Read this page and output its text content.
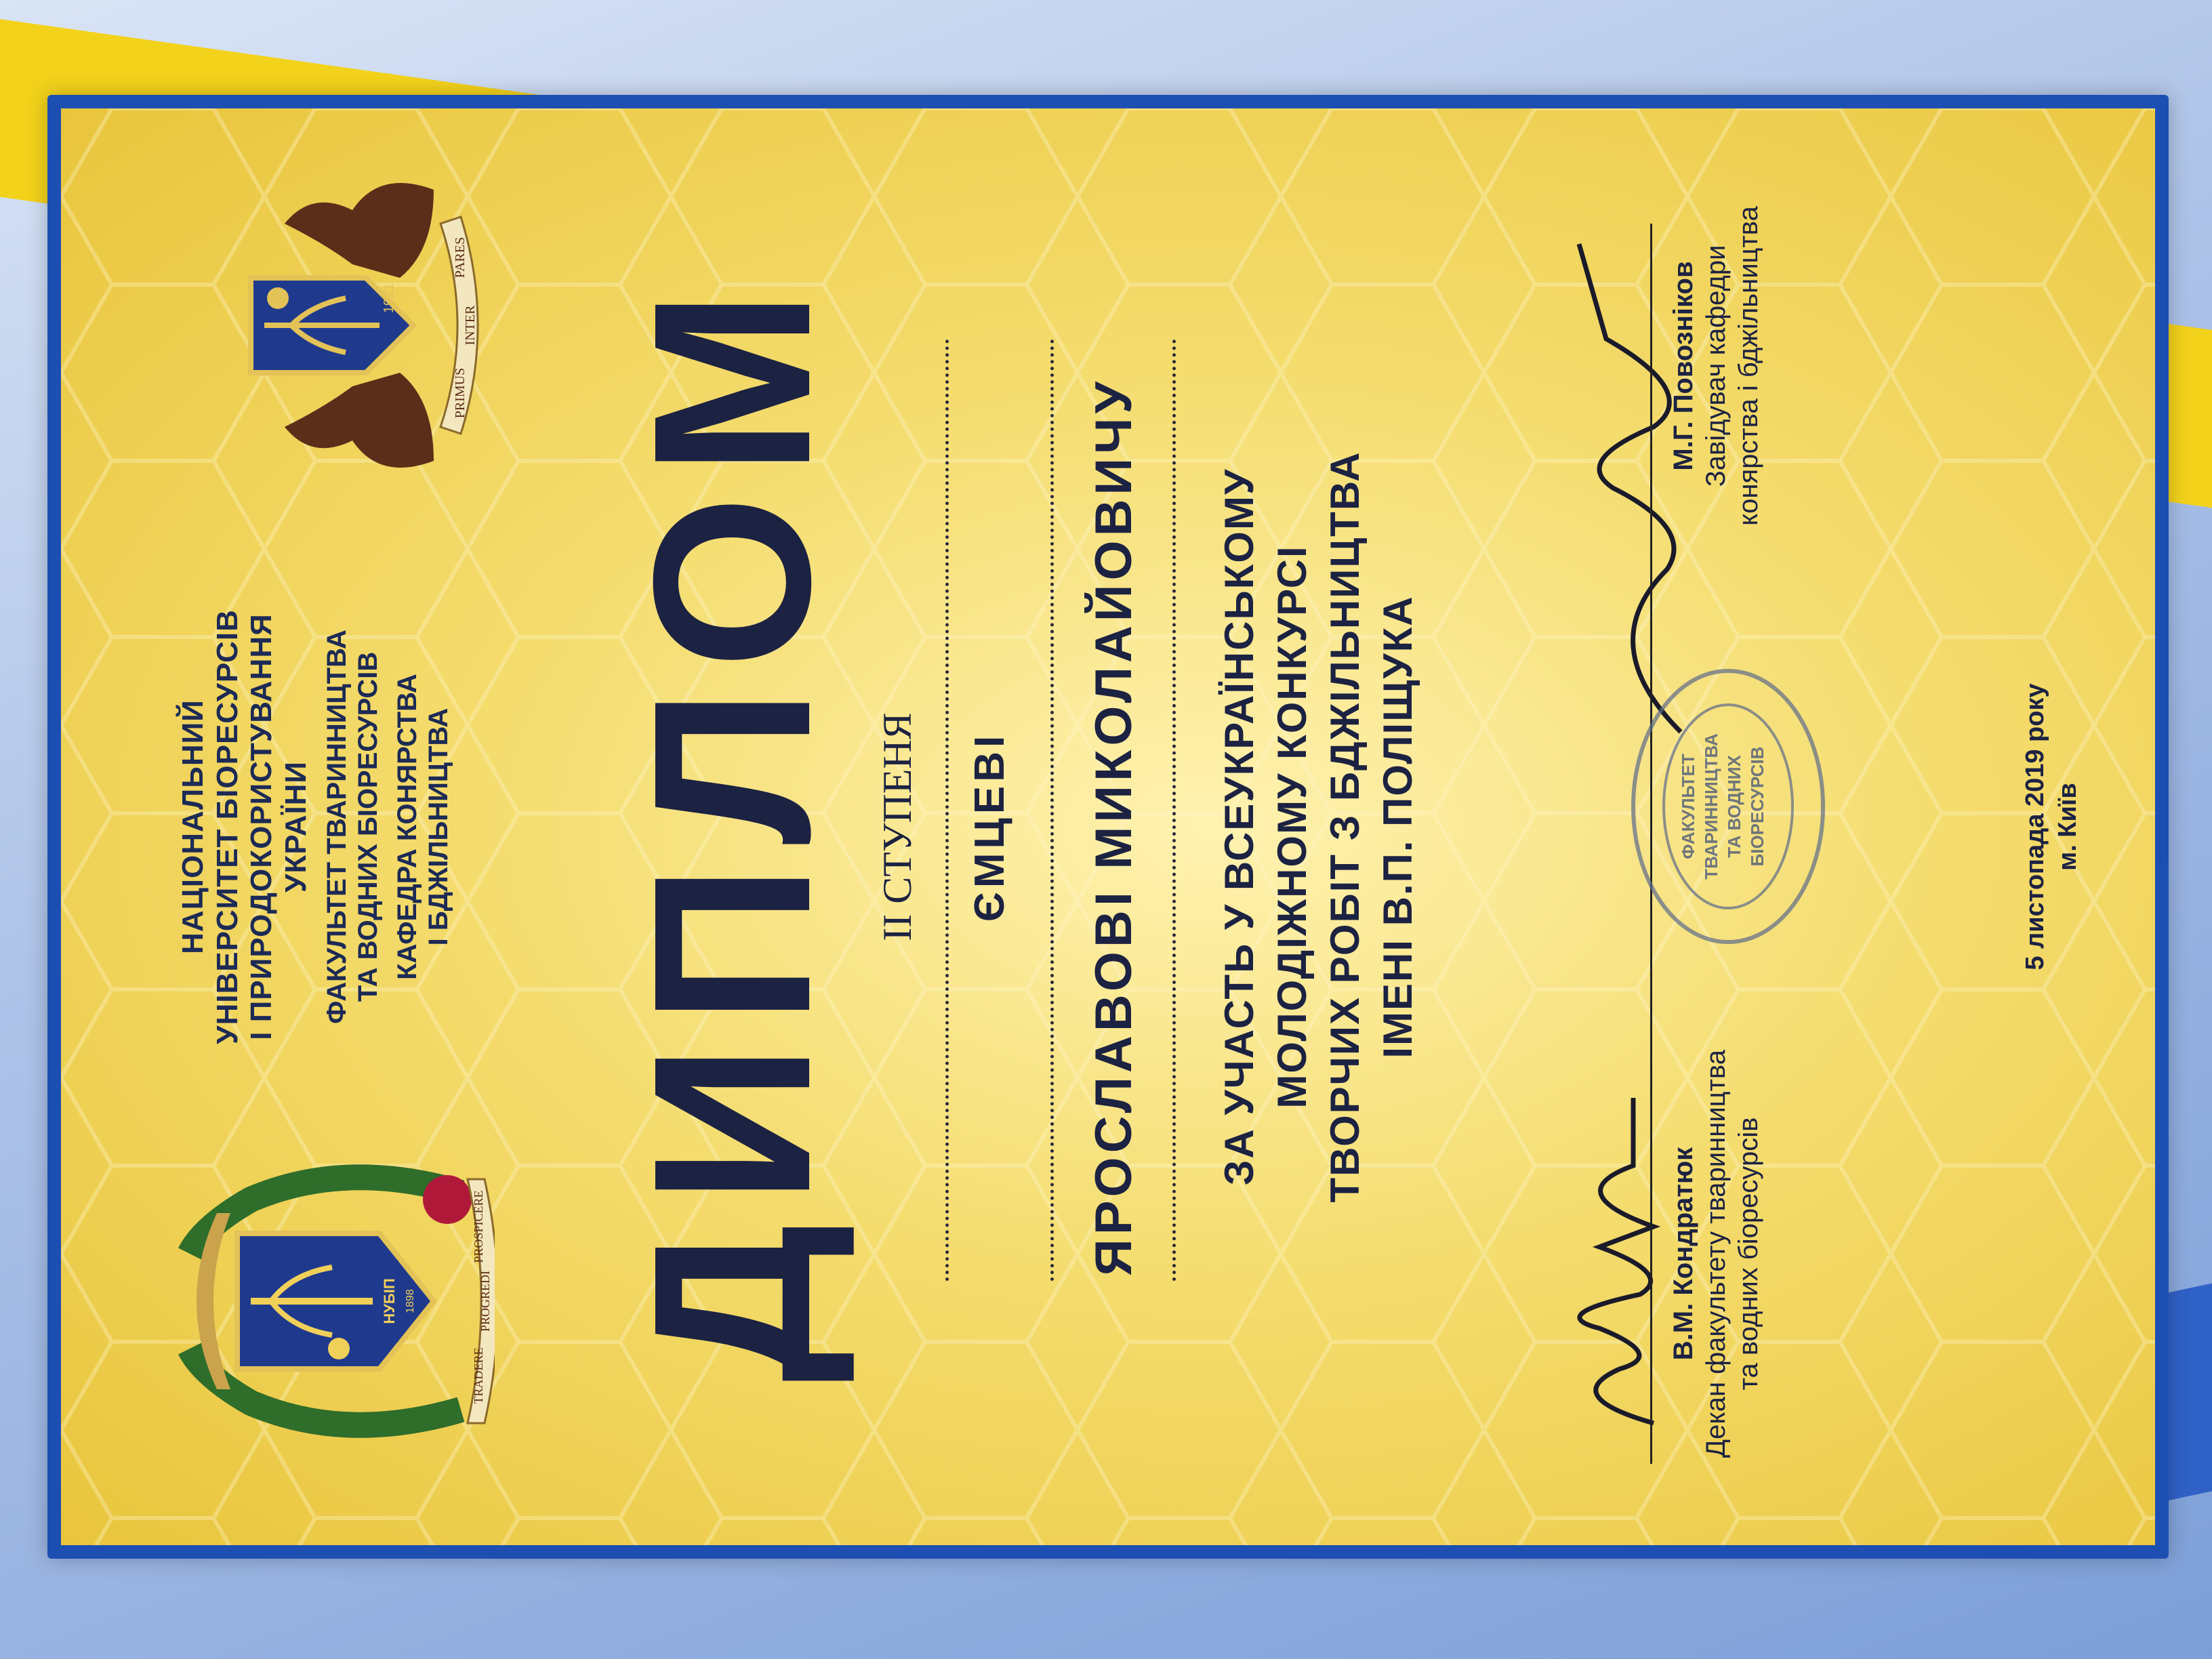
НУБІП 1898
TRADERE
PROGREDI
PROSPICERE
НАЦІОНАЛЬНИЙ УНІВЕРСИТЕТ БІОРЕСУРСІВ І ПРИРОДОКОРИСТУВАННЯ УКРАЇНИ ФАКУЛЬТЕТ ТВАРИННИЦТВА ТА ВОДНИХ БІОРЕСУРСІВ КАФЕДРА КОНЯРСТВА І БДЖІЛЬНИЦТВА
PRIMUS
INTER
PARES
1921 ДИПЛОМ II СТУПЕНЯ ЄМЦЕВІ ЯРОСЛАВОВІ МИКОЛАЙОВИЧУ ЗА УЧАСТЬ У ВСЕУКРАЇНСЬКОМУ МОЛОДІЖНОМУ КОНКУРСІ ТВОРЧИХ РОБІТ З БДЖІЛЬНИЦТВА ІМЕНІ В.П. ПОЛІЩУКА	ФАКУЛЬТЕТ ТВАРИННИЦТВА ТА ВОДНИХ БІОРЕСУРСІВ
В.М. Кондратюк Декан факультету тваринництва та водних біоресурсів
М.Г. Повозніков Завідувач кафедри конярства і бджільництва
5 листопада 2019 року м. Київ
